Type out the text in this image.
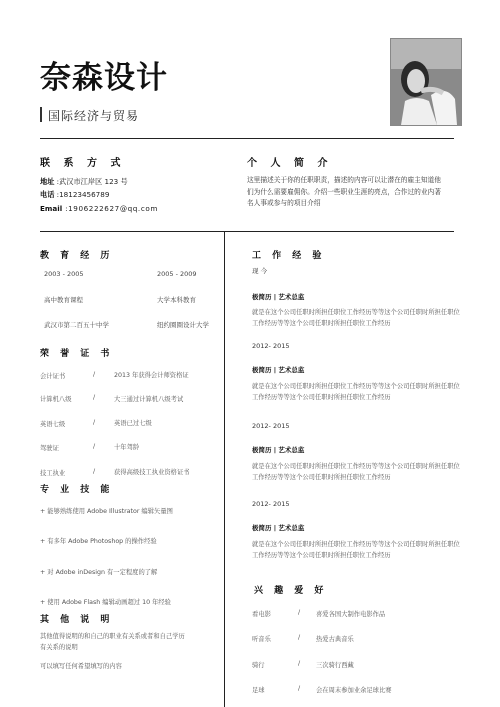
奈森设计
国际经济与贸易
联 系 方 式
地址 :武汉市江岸区 123 号
电话 :18123456789
Email :1906222627@qq.com
个 人 简 介
这里描述关于你的任职职责，描述的内容可以让潜在的雇主知道他们为什么需要雇佣你。介绍一些职业生涯的亮点，合作过的业内著名人事或参与的项目介绍
教 育 经 历
2003 - 2005	2005 - 2009
高中教育课程	大学本科教育
武汉市第二百五十中学	纽约圈圈设计大学
荣 誉 证 书
会计证书	/	2013 年获得会计师资格证
计算机八级	/	大三通过计算机八级考试
英语七级	/	英语已过七级
驾驶证	/	十年驾龄
技工执业	/	获得高级技工执业资格证书
专 业 技 能
+ 能够熟练使用 Adobe Illustrator 编辑矢量图
+ 有多年 Adobe Photoshop 的操作经验
+ 对 Adobe inDesign 有一定程度的了解
+ 使用 Adobe Flash 编辑动画超过 10 年经验
其 他 说 明
其他值得说明的和自己的职业有关系或者和自己学历
有关系的说明
可以填写任何希望填写的内容
工 作 经 验
现 今
极简历 | 艺术总监
就是在这个公司任职时所担任职位工作经历等等这个公司任职时所担任职位工作经历等等这个公司任职时所担任职位工作经历
2012- 2015
极简历 | 艺术总监
就是在这个公司任职时所担任职位工作经历等等这个公司任职时所担任职位工作经历等等这个公司任职时所担任职位工作经历
2012- 2015
极简历 | 艺术总监
就是在这个公司任职时所担任职位工作经历等等这个公司任职时所担任职位工作经历等等这个公司任职时所担任职位工作经历
2012- 2015
极简历 | 艺术总监
就是在这个公司任职时所担任职位工作经历等等这个公司任职时所担任职位工作经历等等这个公司任职时所担任职位工作经历
兴 趣 爱 好
看电影	/	喜爱各国大制作电影作品
听音乐	/	热爱古典音乐
骑行	/	三次骑行西藏
足球	/	会在周末参加业余足球比赛
